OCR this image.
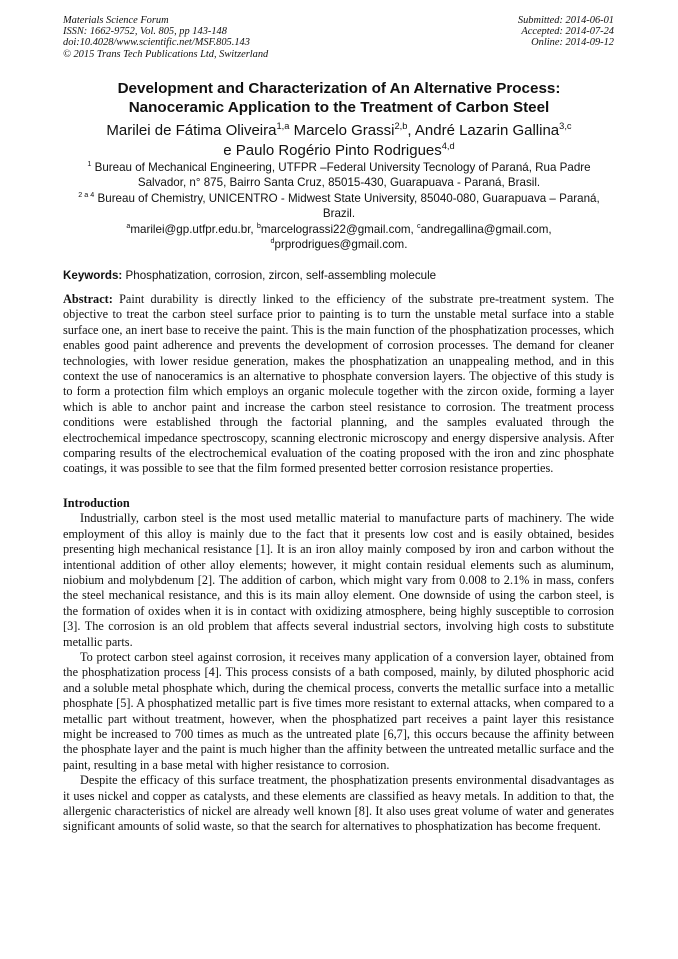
Materials Science Forum
ISSN: 1662-9752, Vol. 805, pp 143-148
doi:10.4028/www.scientific.net/MSF.805.143
© 2015 Trans Tech Publications Ltd, Switzerland
Submitted: 2014-06-01
Accepted: 2014-07-24
Online: 2014-09-12
Development and Characterization of An Alternative Process:
Nanoceramic Application to the Treatment of Carbon Steel
Marilei de Fátima Oliveira$^{1,a}$ Marcelo Grassi$^{2,b}$, André Lazarin Gallina$^{3,c}$
e Paulo Rogério Pinto Rodrigues$^{4,d}$

$^1$ Bureau of Mechanical Engineering, UTFPR –Federal University Tecnology of Paraná, Rua Padre Salvador, n° 875, Bairro Santa Cruz, 85015-430, Guarapuava - Paraná, Brasil.

$^{2 a 4}$ Bureau of Chemistry, UNICENTRO - Midwest State University, 85040-080, Guarapuava – Paraná, Brazil.

$^a$marilei@gp.utfpr.edu.br, $^b$marcelograssi22@gmail.com, $^c$andregallina@gmail.com,
$^d$prprodrigues@gmail.com.

Keywords: Phosphatization, corrosion, zircon, self-assembling molecule

Abstract: Paint durability is directly linked to the efficiency of the substrate pre-treatment system. The objective to treat the carbon steel surface prior to painting is to turn the unstable metal surface into a stable surface one, an inert base to receive the paint. This is the main function of the phosphatization processes, which enables good paint adherence and prevents the development of corrosion processes. The demand for cleaner technologies, with lower residue generation, makes the phosphatization an unappealing method, and in this context the use of nanoceramics is an alternative to phosphate conversion layers. The objective of this study is to form a protection film which employs an organic molecule together with the zircon oxide, forming a layer which is able to anchor paint and increase the carbon steel resistance to corrosion. The treatment process conditions were established through the factorial planning, and the samples evaluated through the electrochemical impedance spectroscopy, scanning electronic microscopy and energy dispersive analysis. After comparing results of the electrochemical evaluation of the coating proposed with the iron and zinc phosphate coatings, it was possible to see that the film formed presented better corrosion resistance properties.

Introduction

Industrially, carbon steel is the most used metallic material to manufacture parts of machinery. The wide employment of this alloy is mainly due to the fact that it presents low cost and is easily obtained, besides presenting high mechanical resistance [1]. It is an iron alloy mainly composed by iron and carbon without the intentional addition of other alloy elements; however, it might contain residual elements such as aluminum, niobium and molybdenum [2]. The addition of carbon, which might vary from 0.008 to 2.1% in mass, confers the steel mechanical resistance, and this is its main alloy element. One downside of using the carbon steel, is the formation of oxides when it is in contact with oxidizing atmosphere, being highly susceptible to corrosion [3]. The corrosion is an old problem that affects several industrial sectors, involving high costs to substitute metallic parts.

To protect carbon steel against corrosion, it receives many application of a conversion layer, obtained from the phosphatization process [4]. This process consists of a bath composed, mainly, by diluted phosphoric acid and a soluble metal phosphate which, during the chemical process, converts the metallic surface into a metallic phosphate [5]. A phosphatized metallic part is five times more resistant to external attacks, when compared to a metallic part without treatment, however, when the phosphatized part receives a paint layer this resistance might be increased to 700 times as much as the untreated plate [6,7], this occurs because the affinity between the phosphate layer and the paint is much higher than the affinity between the untreated metallic surface and the paint, resulting in a base metal with higher resistance to corrosion.

Despite the efficacy of this surface treatment, the phosphatization presents environmental disadvantages as it uses nickel and copper as catalysts, and these elements are classified as heavy metals. In addition to that, the allergenic characteristics of nickel are already well known [8]. It also uses great volume of water and generates significant amounts of solid waste, so that the search for alternatives to phosphatization has become frequent.
